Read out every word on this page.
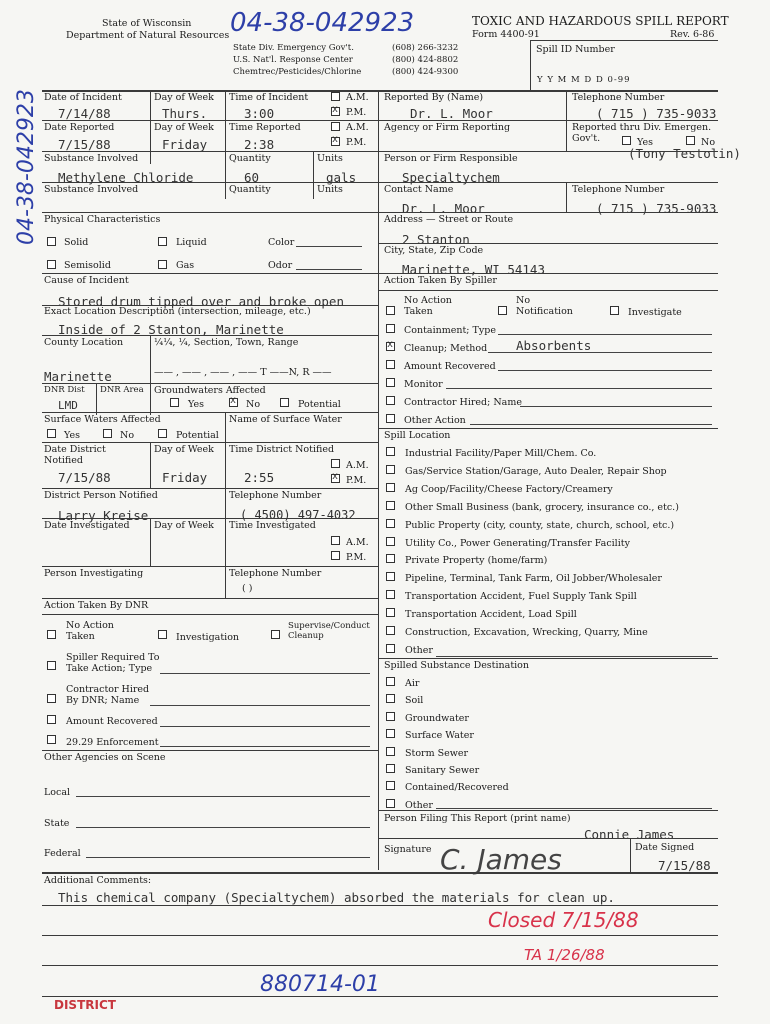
State of Wisconsin
Department of Natural Resources 04-38-042923
State Div. Emergency Gov't.
U.S. Nat'l. Response Center
Chemtrec/Pesticides/Chlorine
(608) 266-3232
(800) 424-8802
(800) 424-9300
TOXIC AND HAZARDOUS SPILL REPORT
Form 4400-91	Rev. 6-86
Spill ID Number
Y Y M M D D 0-99
04-38-042923 Date of Incident	Day of Week Time of Incident	A.M.
x
P.M.
7/14/88	Thurs.	3:00
Date Reported	Day of Week Time Reported	A.M.
x
P.M.
7/15/88	Friday	2:38
Substance Involved	Quantity	Units
Methylene Chloride	60	gals
Substance Involved	Quantity	Units
Physical Characteristics
Solid	Liquid	Color
Semisolid	Gas	Odor
Cause of Incident
Stored drum tipped over and broke open
Exact Location Description (intersection, mileage, etc.)
Inside of 2 Stanton, Marinette
County Location	¼¼, ¼, Section, Town, Range
—— , —— , —— , —— T ——N, R ——
Marinette
DNR Dist DNR Area Groundwaters Affected
Yes
x	No	Potential
LMD
Surface Waters Affected	Name of Surface Water
Yes	No	Potential
Date District Notified
Day of Week Time District Notified
A.M.
x
P.M.
7/15/88	Friday	2:55
District Person Notified	Telephone Number
Larry Kreise	( 4500) 497-4032
Date Investigated	Day of Week Time Investigated
A.M.
P.M.
Person Investigating	Telephone Number
( )
Action Taken By DNR
No Action
Taken	Investigation
Supervise/Conduct
Cleanup
Spiller Required To
Take Action; Type
Contractor Hired
By DNR; Name
Amount Recovered
29.29 Enforcement
Other Agencies on Scene
Local
State
Federal
Reported By (Name)	Telephone Number
Dr. L. Moor	( 715 ) 735-9033
Agency or Firm Reporting	Reported thru Div. Emergen. Gov't.	Yes	No
(Tony Testolin)
Person or Firm Responsible
Specialtychem
Contact Name	Telephone Number
Dr. L. Moor	( 715 ) 735-9033
Address — Street or Route
2 Stanton
City, State, Zip Code
Marinette, WI 54143
Action Taken By Spiller
No Action
Taken
No
Notification	Investigate
Containment; Type
x
Cleanup; Method Absorbents
Amount Recovered
Monitor
Contractor Hired; Name
Other Action
Spill Location
Industrial Facility/Paper Mill/Chem. Co.
Gas/Service Station/Garage, Auto Dealer, Repair Shop
Ag Coop/Facility/Cheese Factory/Creamery
Other Small Business (bank, grocery, insurance co., etc.)
Public Property (city, county, state, church, school, etc.)
Utility Co., Power Generating/Transfer Facility
Private Property (home/farm)
Pipeline, Terminal, Tank Farm, Oil Jobber/Wholesaler
Transportation Accident, Fuel Supply Tank Spill
Transportation Accident, Load Spill
Construction, Excavation, Wrecking, Quarry, Mine
Other
Spilled Substance Destination
Air
Soil
Groundwater
Surface Water
Storm Sewer
Sanitary Sewer
Contained/Recovered
Other
Person Filing This Report (print name)
Connie James
Signature C. James	Date Signed
7/15/88
Additional Comments:
This chemical company (Specialtychem) absorbed the materials for clean up.
Closed 7/15/88
TA 1/26/88
880714-01
DISTRICT
